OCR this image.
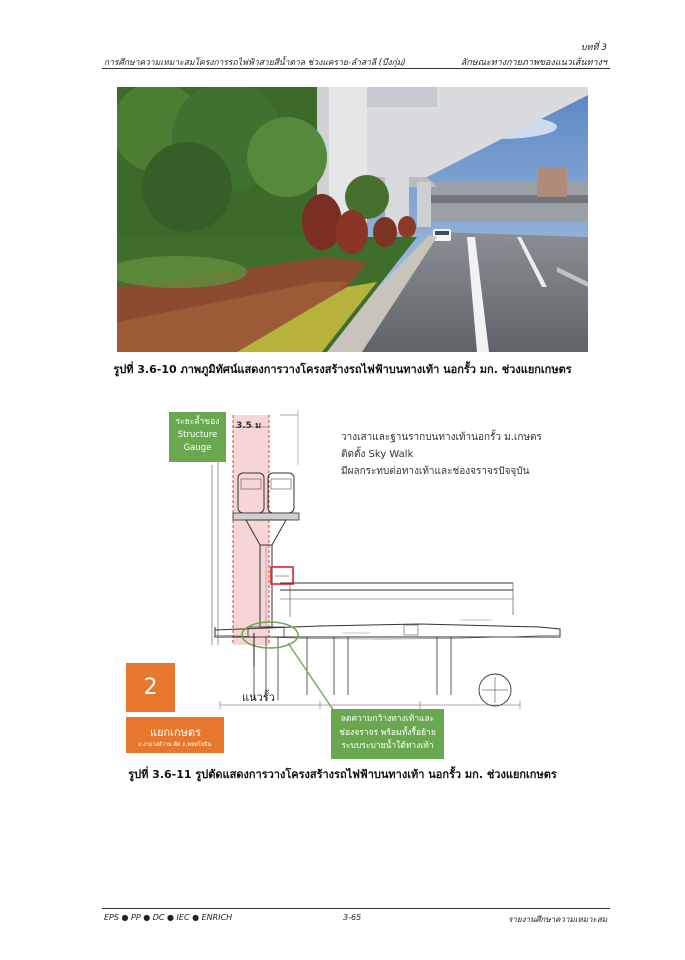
บทที่ 3
การศึกษาความเหมาะสมโครงการรถไฟฟ้าสายสีน้ำตาล ช่วงแคราย-ลำสาลี (บึงกุ่ม)	ลักษณะทางกายภาพของแนวเส้นทางฯ
รูปที่ 3.6-10 ภาพภูมิทัศน์แสดงการวางโครงสร้างรถไฟฟ้าบนทางเท้า นอกรั้ว มก. ช่วงแยกเกษตร
ระยะล้ำของ
Structure
Gauge
3.5 ม
วางเสาและฐานรากบนทางเท้านอกรั้ว ม.เกษตร
ติดตั้ง Sky Walk
มีผลกระทบต่อทางเท้าและช่องจราจรปัจจุบัน
2
แยกเกษตร
ถ.งามวงศ์วาน ตัด ถ.พหลโยธิน
แนวรั้ว
ลดความกว้างทางเท้าและ
ช่องจราจร พร้อมทั้งรื้อย้าย
ระบบระบายน้ำใต้ทางเท้า
รูปที่ 3.6-11 รูปตัดแสดงการวางโครงสร้างรถไฟฟ้าบนทางเท้า นอกรั้ว มก. ช่วงแยกเกษตร
EPS ● PP ● DC ● IEC ● ENRICH	3-65	รายงานศึกษาความเหมาะสม
